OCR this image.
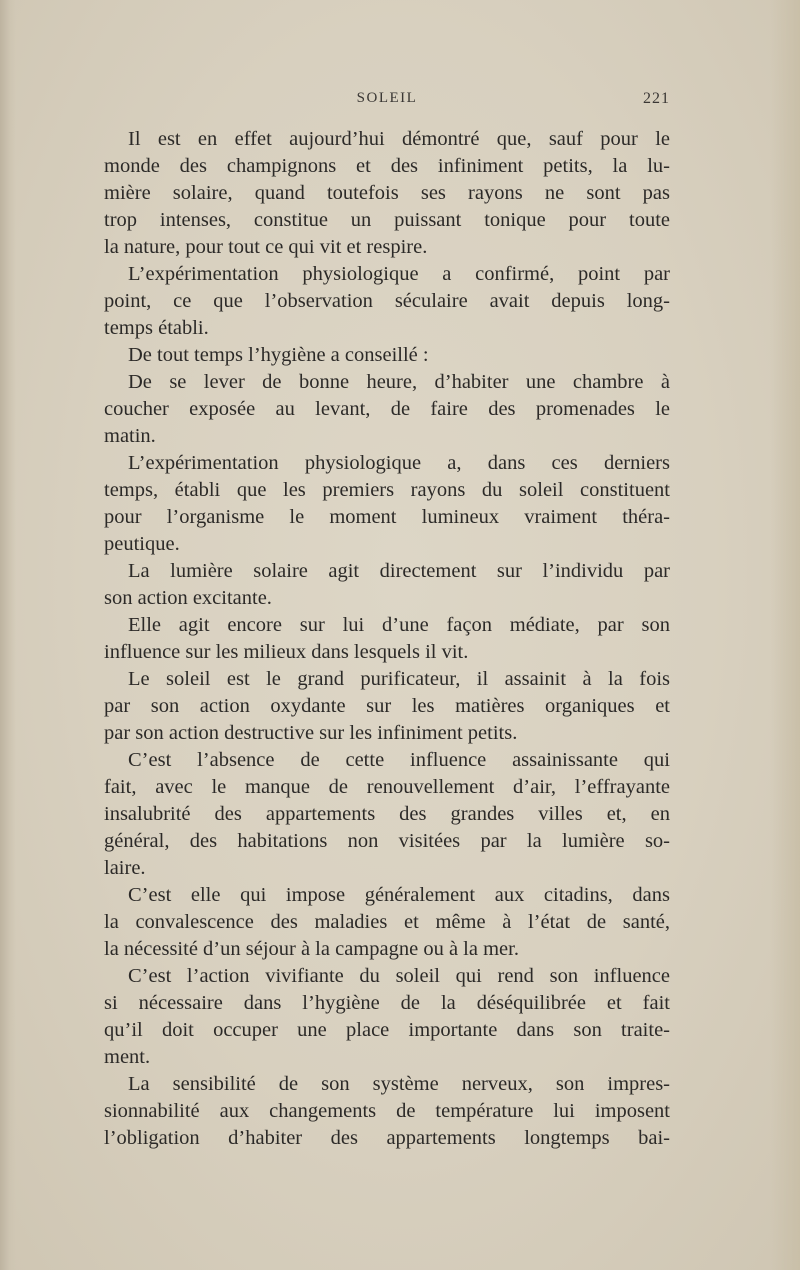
SOLEIL	221
Il est en effet aujourd’hui démontré que, sauf pour le
monde des champignons et des infiniment petits, la lu-
mière solaire, quand toutefois ses rayons ne sont pas
trop intenses, constitue un puissant tonique pour toute
la nature, pour tout ce qui vit et respire.
L’expérimentation physiologique a confirmé, point par
point, ce que l’observation séculaire avait depuis long-
temps établi.
De tout temps l’hygiène a conseillé :
De se lever de bonne heure, d’habiter une chambre à
coucher exposée au levant, de faire des promenades le
matin.
L’expérimentation physiologique a, dans ces derniers
temps, établi que les premiers rayons du soleil constituent
pour l’organisme le moment lumineux vraiment théra-
peutique.
La lumière solaire agit directement sur l’individu par
son action excitante.
Elle agit encore sur lui d’une façon médiate, par son
influence sur les milieux dans lesquels il vit.
Le soleil est le grand purificateur, il assainit à la fois
par son action oxydante sur les matières organiques et
par son action destructive sur les infiniment petits.
C’est l’absence de cette influence assainissante qui
fait, avec le manque de renouvellement d’air, l’effrayante
insalubrité des appartements des grandes villes et, en
général, des habitations non visitées par la lumière so-
laire.
C’est elle qui impose généralement aux citadins, dans
la convalescence des maladies et même à l’état de santé,
la nécessité d’un séjour à la campagne ou à la mer.
C’est l’action vivifiante du soleil qui rend son influence
si nécessaire dans l’hygiène de la déséquilibrée et fait
qu’il doit occuper une place importante dans son traite-
ment.
La sensibilité de son système nerveux, son impres-
sionnabilité aux changements de température lui imposent
l’obligation d’habiter des appartements longtemps bai-
